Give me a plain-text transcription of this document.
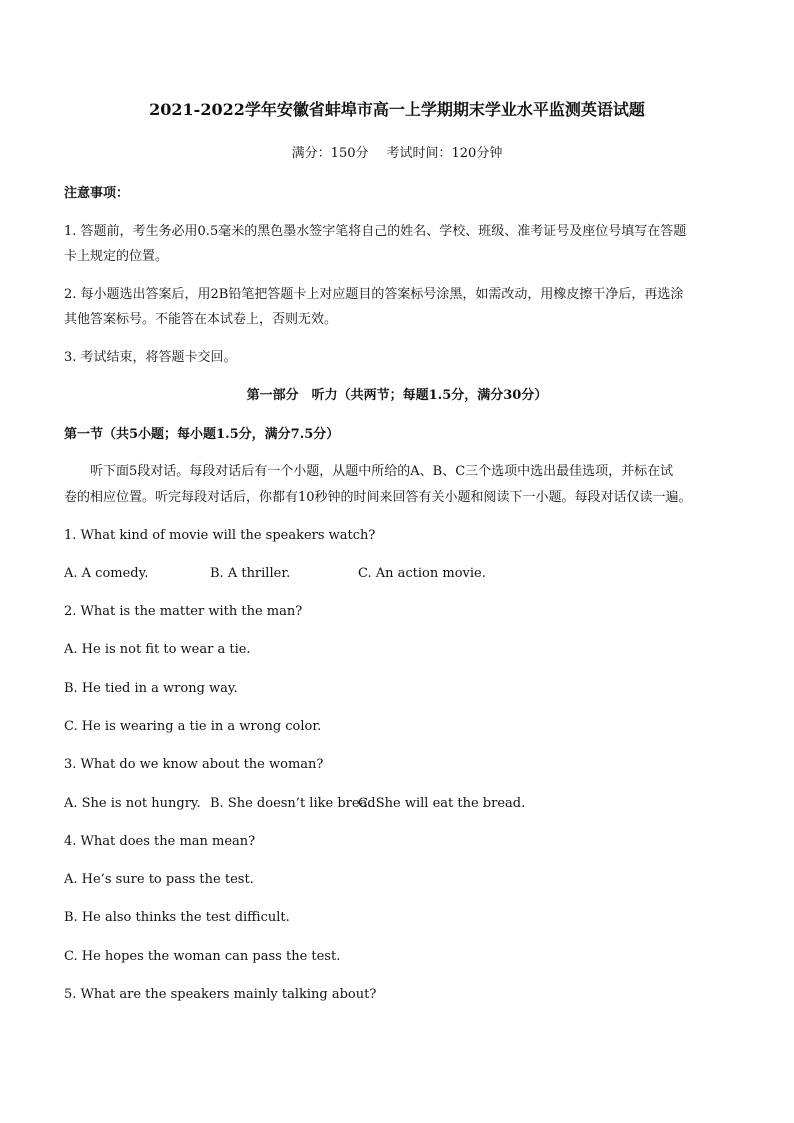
2021-2022学年安徽省蚌埠市高一上学期期末学业水平监测英语试题
满分：150分 考试时间：120分钟
注意事项：
1. 答题前，考生务必用0.5毫米的黑色墨水签字笔将自己的姓名、学校、班级、准考证号及座位号填写在答题
卡上规定的位置。
2. 每小题选出答案后，用2B铅笔把答题卡上对应题目的答案标号涂黑，如需改动，用橡皮擦干净后，再选涂
其他答案标号。不能答在本试卷上，否则无效。
3. 考试结束，将答题卡交回。
第一部分　听力（共两节；每题1.5分，满分30分）
第一节（共5小题；每小题1.5分，满分7.5分）
听下面5段对话。每段对话后有一个小题，从题中所给的A、B、C三个选项中选出最佳选项，并标在试
卷的相应位置。听完每段对话后，你都有10秒钟的时间来回答有关小题和阅读下一小题。每段对话仅读一遍。
1. What kind of movie will the speakers watch?
A. A comedy.	B. A thriller.	C. An action movie.
2. What is the matter with the man?
A. He is not fit to wear a tie.
B. He tied in a wrong way.
C. He is wearing a tie in a wrong color.
3. What do we know about the woman?
A. She is not hungry. B. She doesn’t like bread.
C. She will eat the bread.
4. What does the man mean?
A. He’s sure to pass the test.
B. He also thinks the test difficult.
C. He hopes the woman can pass the test.
5. What are the speakers mainly talking about?
